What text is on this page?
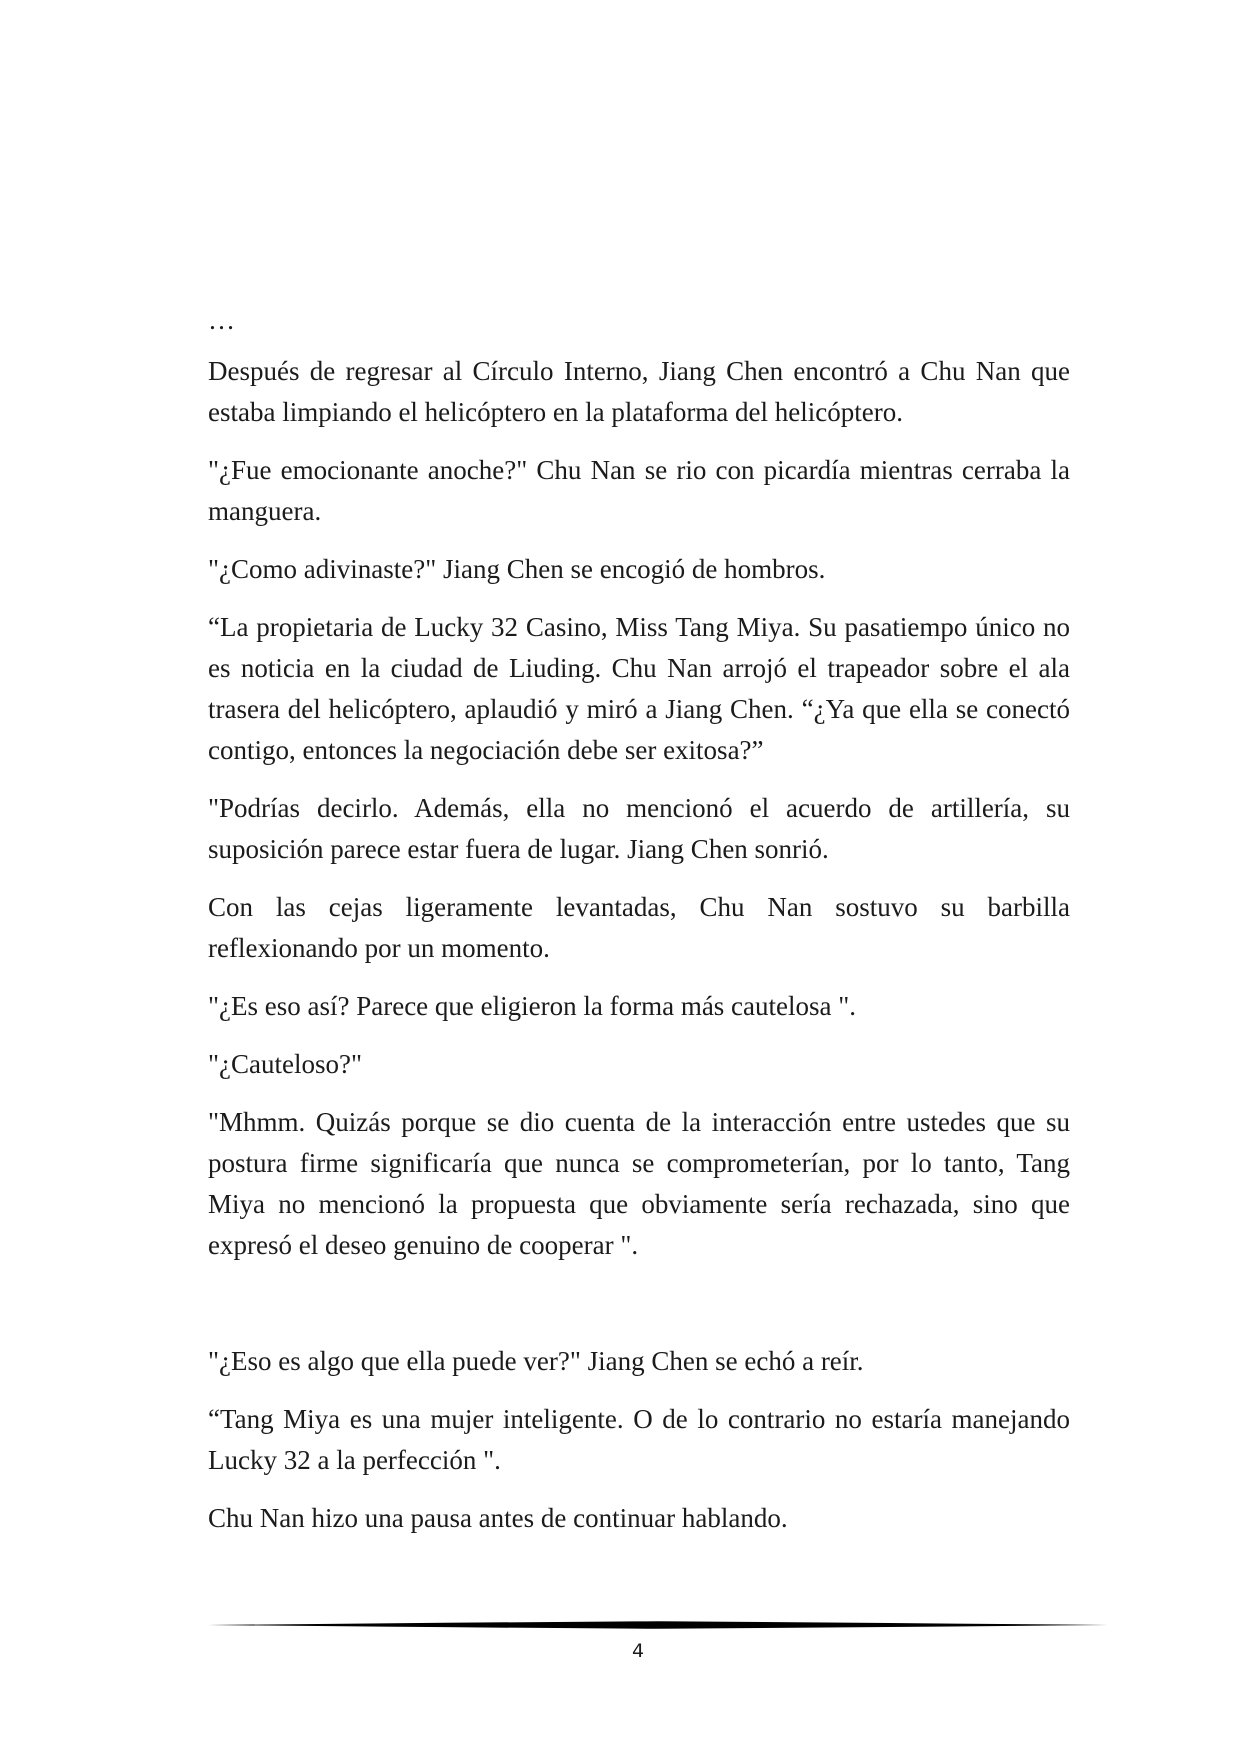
…

Después de regresar al Círculo Interno, Jiang Chen encontró a Chu Nan que estaba limpiando el helicóptero en la plataforma del helicóptero.

"¿Fue emocionante anoche?" Chu Nan se rio con picardía mientras cerraba la manguera.

"¿Como adivinaste?" Jiang Chen se encogió de hombros.

“La propietaria de Lucky 32 Casino, Miss Tang Miya. Su pasatiempo único no es noticia en la ciudad de Liuding. Chu Nan arrojó el trapeador sobre el ala trasera del helicóptero, aplaudió y miró a Jiang Chen. “¿Ya que ella se conectó contigo, entonces la negociación debe ser exitosa?”

"Podrías decirlo. Además, ella no mencionó el acuerdo de artillería, su suposición parece estar fuera de lugar. Jiang Chen sonrió.

Con las cejas ligeramente levantadas, Chu Nan sostuvo su barbilla reflexionando por un momento.

"¿Es eso así? Parece que eligieron la forma más cautelosa ".

"¿Cauteloso?"

"Mhmm. Quizás porque se dio cuenta de la interacción entre ustedes que su postura firme significaría que nunca se comprometerían, por lo tanto, Tang Miya no mencionó la propuesta que obviamente sería rechazada, sino que expresó el deseo genuino de cooperar ".

"¿Eso es algo que ella puede ver?" Jiang Chen se echó a reír.

“Tang Miya es una mujer inteligente. O de lo contrario no estaría manejando Lucky 32 a la perfección ".

Chu Nan hizo una pausa antes de continuar hablando.

4
